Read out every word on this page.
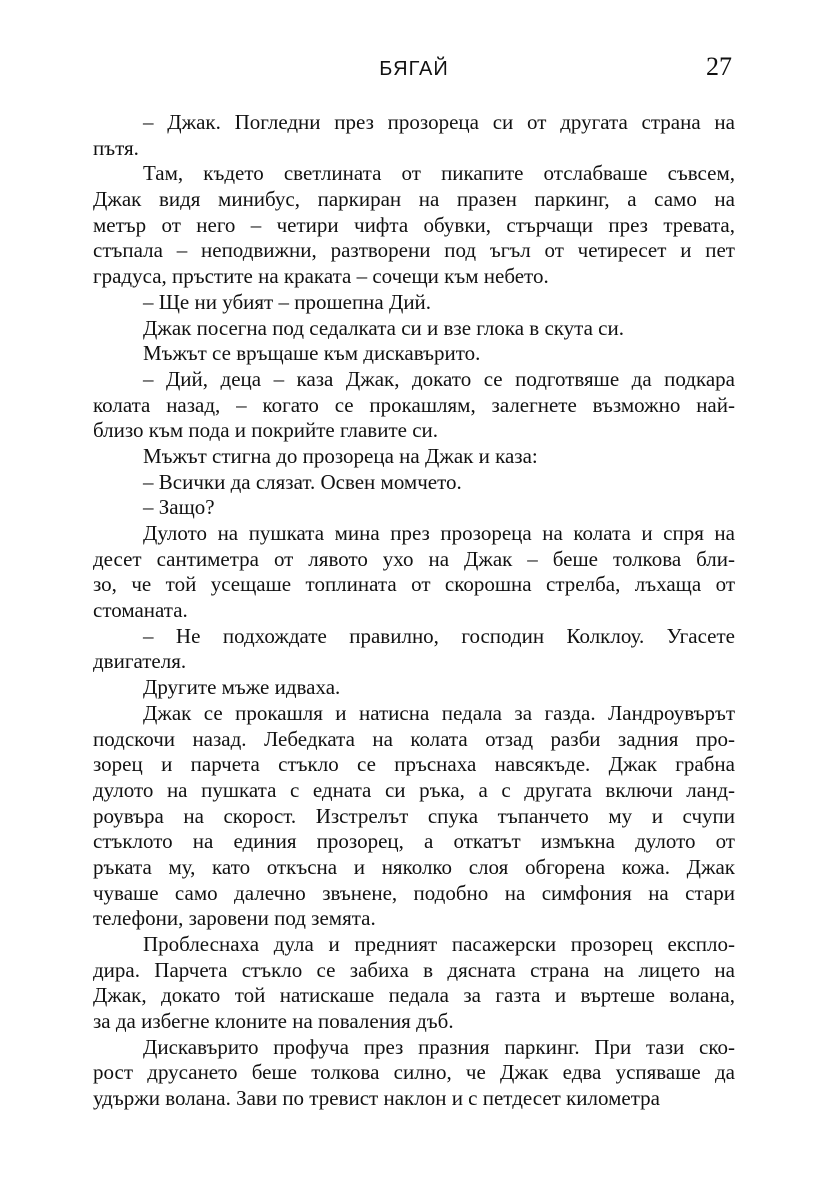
БЯГАЙ	27
– Джак. Погледни през прозореца си от другата страна на
пътя.
Там, където светлината от пикапите отслабваше съвсем,
Джак видя минибус, паркиран на празен паркинг, а само на
метър от него – четири чифта обувки, стърчащи през тревата,
стъпала – неподвижни, разтворени под ъгъл от четиресет и пет
градуса, пръстите на краката – сочещи към небето.
– Ще ни убият – прошепна Дий.
Джак посегна под седалката си и взе глока в скута си.
Мъжът се връщаше към дискавърито.
– Дий, деца – каза Джак, докато се подготвяше да подкара
колата назад, – когато се прокашлям, залегнете възможно най-
близо към пода и покрийте главите си.
Мъжът стигна до прозореца на Джак и каза:
– Всички да слязат. Освен момчето.
– Защо?
Дулото на пушката мина през прозореца на колата и спря на
десет сантиметра от лявото ухо на Джак – беше толкова бли-
зо, че той усещаше топлината от скорошна стрелба, лъхаща от
стоманата.
– Не подхождате правилно, господин Колклоу. Угасете
двигателя.
Другите мъже идваха.
Джак се прокашля и натисна педала за газда. Ландроувърът
подскочи назад. Лебедката на колата отзад разби задния про-
зорец и парчета стъкло се пръснаха навсякъде. Джак грабна
дулото на пушката с едната си ръка, а с другата включи ланд-
роувъра на скорост. Изстрелът спука тъпанчето му и счупи
стъклото на единия прозорец, а откатът измъкна дулото от
ръката му, като откъсна и няколко слоя обгорена кожа. Джак
чуваше само далечно звънене, подобно на симфония на стари
телефони, заровени под земята.
Проблеснаха дула и предният пасажерски прозорец експло-
дира. Парчета стъкло се забиха в дясната страна на лицето на
Джак, докато той натискаше педала за газта и въртеше волана,
за да избегне клоните на поваления дъб.
Дискавърито профуча през празния паркинг. При тази ско-
рост друсането беше толкова силно, че Джак едва успяваше да
удържи волана. Зави по тревист наклон и с петдесет километра
